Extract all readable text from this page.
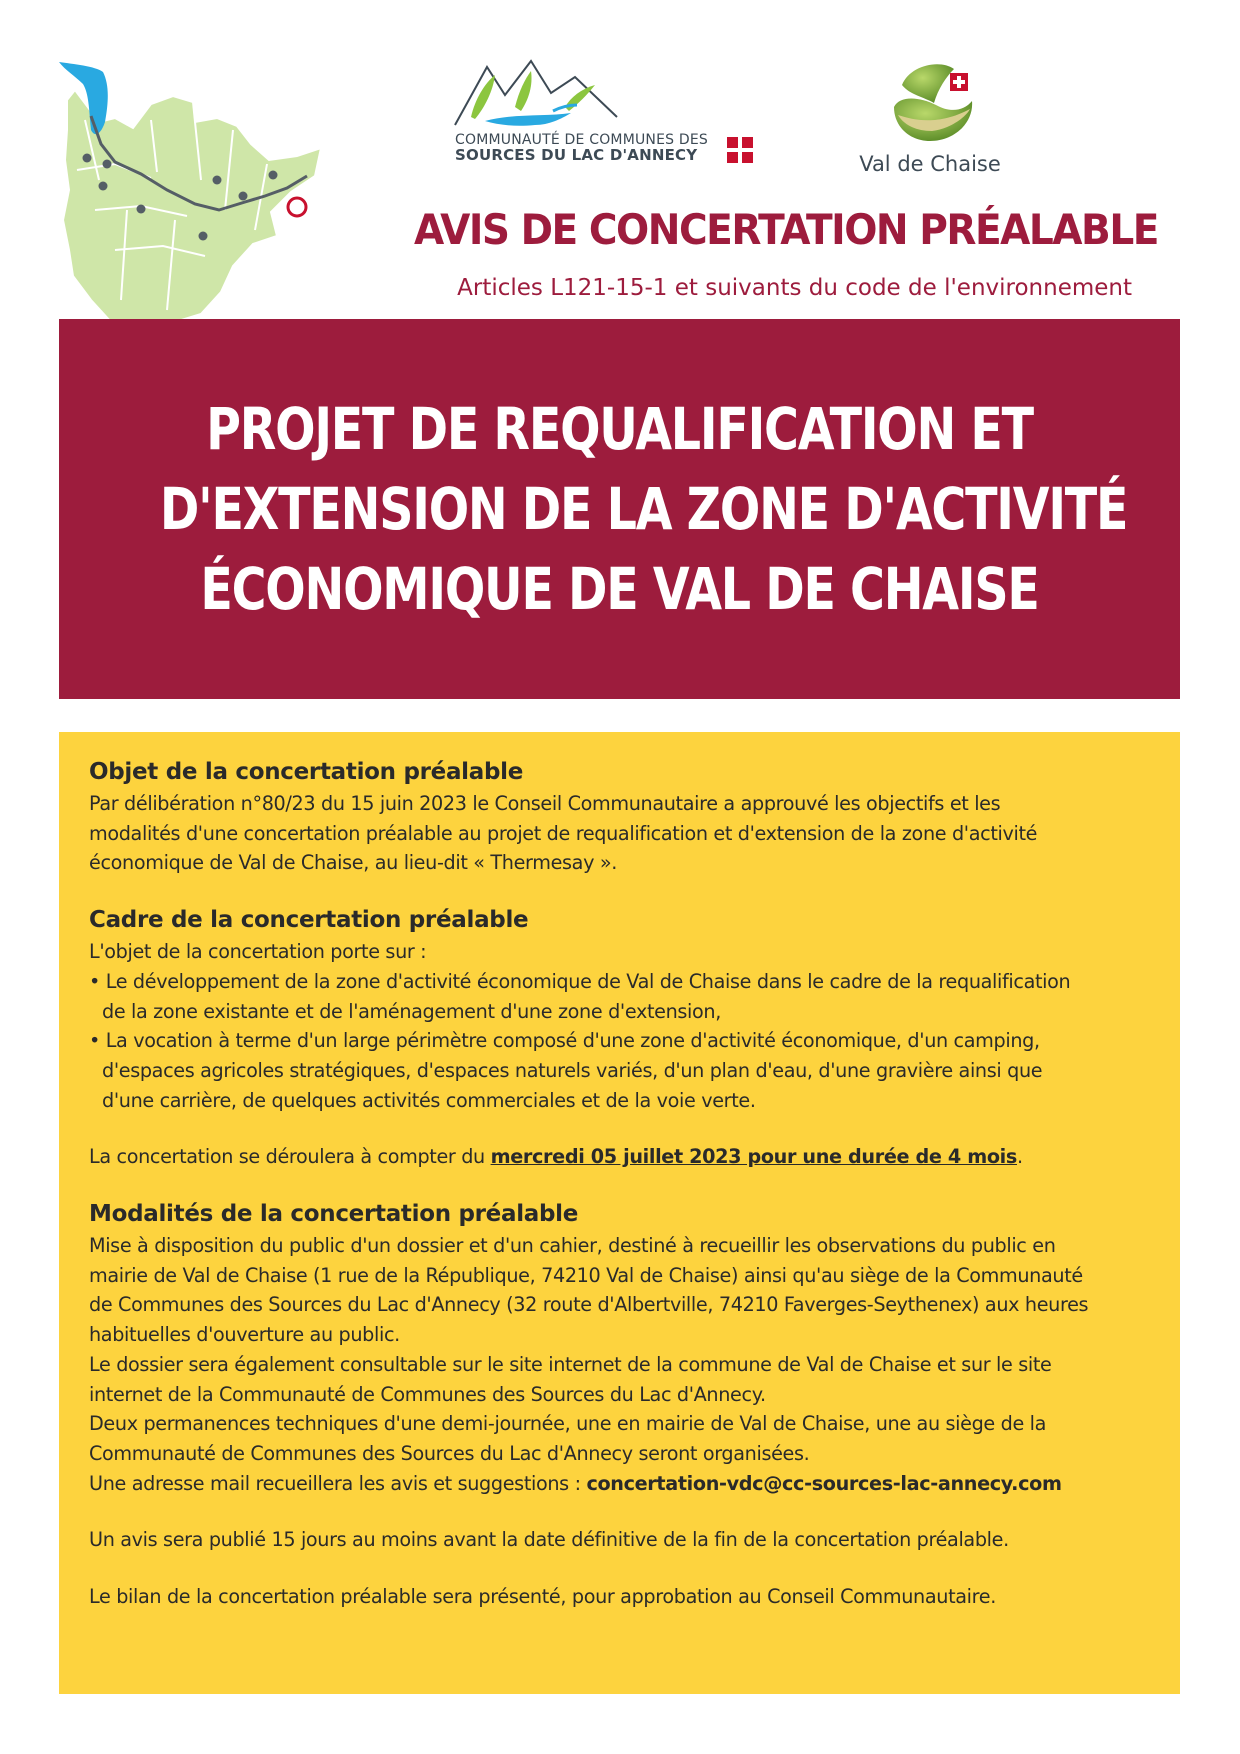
COMMUNAUTÉ DE COMMUNES DES
SOURCES DU LAC D'ANNECY	Val de Chaise
AVIS DE CONCERTATION PRÉALABLE

Articles L121-15-1 et suivants du code de l'environnement

PROJET DE REQUALIFICATION ET
D'EXTENSION DE LA ZONE D'ACTIVITÉ
ÉCONOMIQUE DE VAL DE CHAISE
Objet de la concertation préalable

Par délibération n°80/23 du 15 juin 2023 le Conseil Communautaire a approuvé les objectifs et les
modalités d'une concertation préalable au projet de requalification et d'extension de la zone d'activité
économique de Val de Chaise, au lieu-dit « Thermesay ».

Cadre de la concertation préalable

L'objet de la concertation porte sur :

• Le développement de la zone d'activité économique de Val de Chaise dans le cadre de la requalification
de la zone existante et de l'aménagement d'une zone d'extension,
• La vocation à terme d'un large périmètre composé d'une zone d'activité économique, d'un camping,
d'espaces agricoles stratégiques, d'espaces naturels variés, d'un plan d'eau, d'une gravière ainsi que
d'une carrière, de quelques activités commerciales et de la voie verte.

La concertation se déroulera à compter du mercredi 05 juillet 2023 pour une durée de 4 mois.

Modalités de la concertation préalable

Mise à disposition du public d'un dossier et d'un cahier, destiné à recueillir les observations du public en
mairie de Val de Chaise (1 rue de la République, 74210 Val de Chaise) ainsi qu'au siège de la Communauté
de Communes des Sources du Lac d'Annecy (32 route d'Albertville, 74210 Faverges-Seythenex) aux heures
habituelles d'ouverture au public.
Le dossier sera également consultable sur le site internet de la commune de Val de Chaise et sur le site
internet de la Communauté de Communes des Sources du Lac d'Annecy.
Deux permanences techniques d'une demi-journée, une en mairie de Val de Chaise, une au siège de la
Communauté de Communes des Sources du Lac d'Annecy seront organisées.
Une adresse mail recueillera les avis et suggestions : concertation-vdc@cc-sources-lac-annecy.com

Un avis sera publié 15 jours au moins avant la date définitive de la fin de la concertation préalable.

Le bilan de la concertation préalable sera présenté, pour approbation au Conseil Communautaire.
